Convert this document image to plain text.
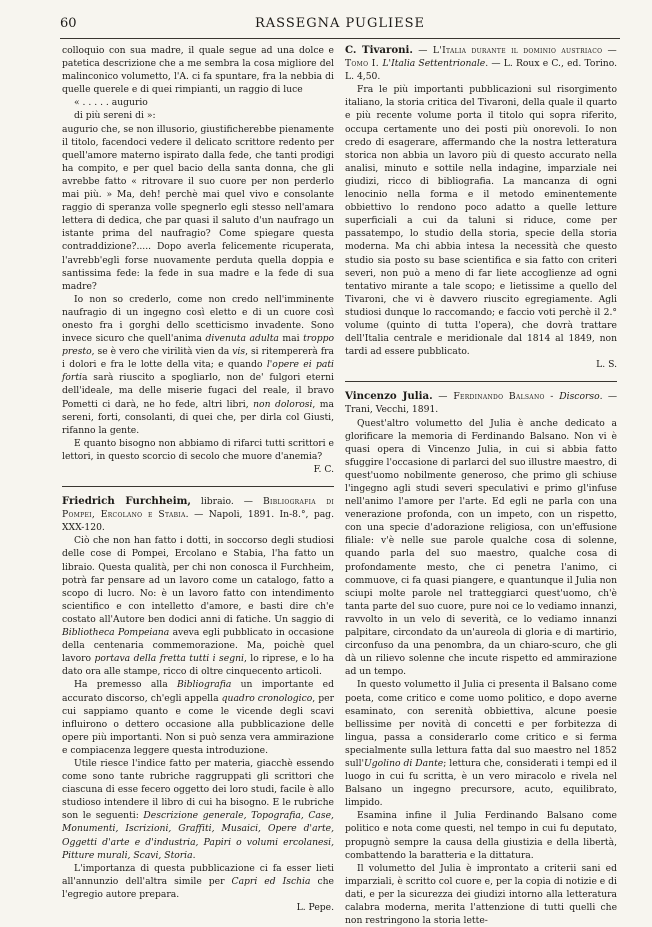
60	RASSEGNA PUGLIESE

colloquio con sua madre, il quale segue ad una dolce e patetica descrizione che a me sembra la cosa migliore del malinconico volumetto, l'A. ci fa spuntare, fra la nebbia di quelle querele e di quei rimpianti, un raggio di luce

« . . . . . augurio

di più sereni di »:

augurio che, se non illusorio, giustificherebbe pienamente il titolo, facendoci vedere il delicato scrittore redento per quell'amore materno ispirato dalla fede, che tanti prodigi ha compito, e per quel bacio della santa donna, che gli avrebbe fatto « ritrovare il suo cuore per non perderlo mai più. » Ma, deh! perchè mai quel vivo e consolante raggio di speranza volle spegnerlo egli stesso nell'amara lettera di dedica, che par quasi il saluto d'un naufrago un istante prima del naufragio? Come spiegare questa contraddizione?..... Dopo averla felicemente ricuperata, l'avrebb'egli forse nuovamente perduta quella doppia e santissima fede: la fede in sua madre e la fede di sua madre?

Io non so crederlo, come non credo nell'imminente naufragio di un ingegno così eletto e di un cuore così onesto fra i gorghi dello scetticismo invadente. Sono invece sicuro che quell'anima divenuta adulta mai troppo presto, se è vero che virilità vien da vis, si ritempererà fra i dolori e fra le lotte della vita; e quando l'opere ei pati fortia sarà riuscito a spogliarlo, non de' fulgori eterni dell'ideale, ma delle miserie fugaci del reale, il bravo Pometti ci darà, ne ho fede, altri libri, non dolorosi, ma sereni, forti, consolanti, di quei che, per dirla col Giusti, rifanno la gente.

E quanto bisogno non abbiamo di rifarci tutti scrittori e lettori, in questo scorcio di secolo che muore d'anemia?

F. C.

Friedrich Furchheim, libraio. — Bibliografia di Pompei, Ercolano e Stabia. — Napoli, 1891. In-8.°, pag. XXX-120.

Ciò che non han fatto i dotti, in soccorso degli studiosi delle cose di Pompei, Ercolano e Stabia, l'ha fatto un libraio. Questa qualità, per chi non conosca il Furchheim, potrà far pensare ad un lavoro come un catalogo, fatto a scopo di lucro. No: è un lavoro fatto con intendimento scientifico e con intelletto d'amore, e basti dire ch'e costato all'Autore ben dodici anni di fatiche. Un saggio di Bibliotheca Pompeiana aveva egli pubblicato in occasione della centenaria commemorazione. Ma, poichè quel lavoro portava della fretta tutti i segni, lo riprese, e lo ha dato ora alle stampe, ricco di oltre cinquecento articoli.

Ha premesso alla Bibliografia un importante ed accurato discorso, ch'egli appella quadro cronologico, per cui sappiamo quanto e come le vicende degli scavi influirono o dettero occasione alla pubblicazione delle opere più importanti. Non si può senza vera ammirazione e compiacenza leggere questa introduzione.

Utile riesce l'indice fatto per materia, giacchè essendo come sono tante rubriche raggruppati gli scrittori che ciascuna di esse fecero oggetto dei loro studi, facile è allo studioso intendere il libro di cui ha bisogno. E le rubriche son le seguenti: Descrizione generale, Topografia, Case, Monumenti, Iscrizioni, Graffiti, Musaici, Opere d'arte, Oggetti d'arte e d'industria, Papiri o volumi ercolanesi, Pitture murali, Scavi, Storia.

L'importanza di questa pubblicazione ci fa esser lieti all'annunzio dell'altra simile per Capri ed Ischia che l'egregio autore prepara.

L. Pepe.

C. Tivaroni. — L'Italia durante il dominio austriaco — Tomo I. L'Italia Settentrionale. — L. Roux e C., ed. Torino. L. 4,50.

Fra le più importanti pubblicazioni sul risorgimento italiano, la storia critica del Tivaroni, della quale il quarto e più recente volume porta il titolo qui sopra riferito, occupa certamente uno dei posti più onorevoli. Io non credo di esagerare, affermando che la nostra letteratura storica non abbia un lavoro più di questo accurato nella analisi, minuto e sottile nella indagine, imparziale nei giudizi, ricco di bibliografia. La mancanza di ogni lenocinio nella forma e il metodo eminentemente obbiettivo lo rendono poco adatto a quelle letture superficiali a cui da taluni si riduce, come per passatempo, lo studio della storia, specie della storia moderna. Ma chi abbia intesa la necessità che questo studio sia posto su base scientifica e sia fatto con criteri severi, non può a meno di far liete accoglienze ad ogni tentativo mirante a tale scopo; e lietissime a quello del Tivaroni, che vi è davvero riuscito egregiamente. Agli studiosi dunque lo raccomando; e faccio voti perchè il 2.° volume (quinto di tutta l'opera), che dovrà trattare dell'Italia centrale e meridionale dal 1814 al 1849, non tardi ad essere pubblicato.

L. S.

Vincenzo Julia. — Ferdinando Balsano - Discorso. — Trani, Vecchi, 1891.

Quest'altro volumetto del Julia è anche dedicato a glorificare la memoria di Ferdinando Balsano. Non vi è quasi opera di Vincenzo Julia, in cui si abbia fatto sfuggire l'occasione di parlarci del suo illustre maestro, di quest'uomo nobilmente generoso, che primo gli schiuse l'ingegno agli studi severi speculativi e primo gl'infuse nell'animo l'amore per l'arte. Ed egli ne parla con una venerazione profonda, con un impeto, con un rispetto, con una specie d'adorazione religiosa, con un'effusione filiale: v'è nelle sue parole qualche cosa di solenne, quando parla del suo maestro, qualche cosa di profondamente mesto, che ci penetra l'animo, ci commuove, ci fa quasi piangere, e quantunque il Julia non sciupi molte parole nel tratteggiarci quest'uomo, ch'è tanta parte del suo cuore, pure noi ce lo vediamo innanzi, ravvolto in un velo di severità, ce lo vediamo innanzi palpitare, circondato da un'aureola di gloria e di martirio, circonfuso da una penombra, da un chiaro-scuro, che gli dà un rilievo solenne che incute rispetto ed ammirazione ad un tempo.

In questo volumetto il Julia ci presenta il Balsano come poeta, come critico e come uomo politico, e dopo averne esaminato, con serenità obbiettiva, alcune poesie bellissime per novità di concetti e per forbitezza di lingua, passa a considerarlo come critico e si ferma specialmente sulla lettura fatta dal suo maestro nel 1852 sull'Ugolino di Dante; lettura che, considerati i tempi ed il luogo in cui fu scritta, è un vero miracolo e rivela nel Balsano un ingegno precursore, acuto, equilibrato, limpido.

Esamina infine il Julia Ferdinando Balsano come politico e nota come questi, nel tempo in cui fu deputato, propugnò sempre la causa della giustizia e della libertà, combattendo la baratteria e la dittatura.

Il volumetto del Julia è improntato a criterii sani ed imparziali, è scritto col cuore e, per la copia di notizie e di dati, e per la sicurezza dei giudizi intorno alla letteratura calabra moderna, merita l'attenzione di tutti quelli che non restringono la storia lette-
